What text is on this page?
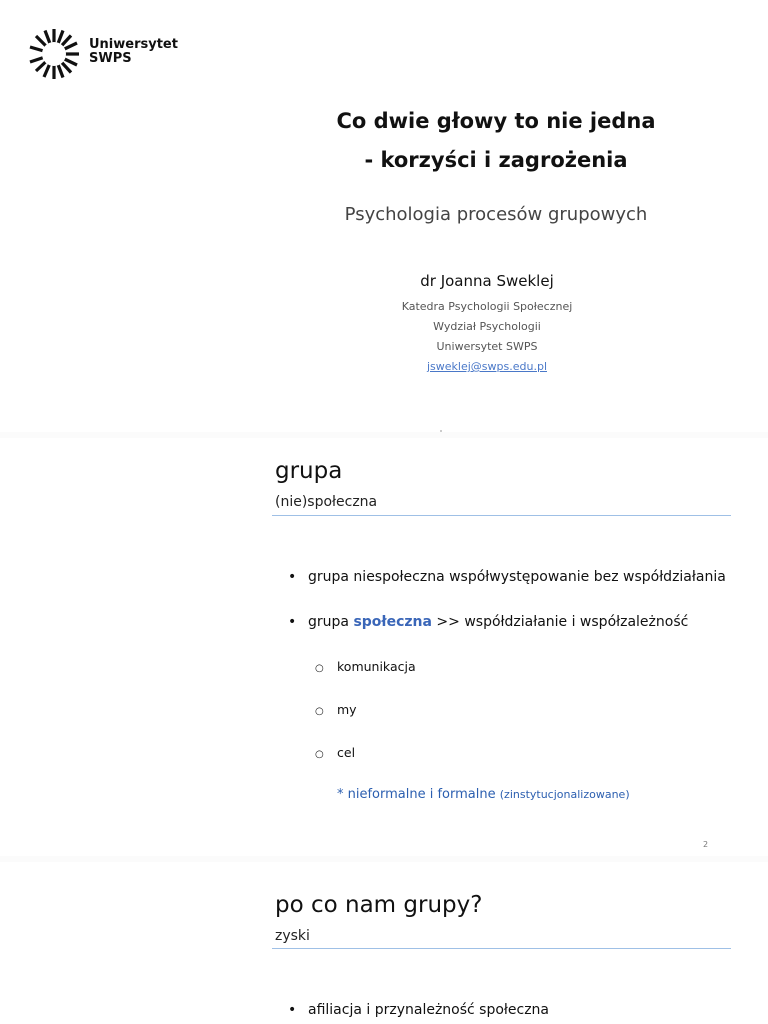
Uniwersytet
SWPS
Co dwie głowy to nie jedna
- korzyści i zagrożenia
Psychologia procesów grupowych
dr Joanna Sweklej
Katedra Psychologii Społecznej
Wydział Psychologii
Uniwersytet SWPS
jsweklej@swps.edu.pl
grupa
(nie)społeczna
• grupa niespołeczna współwystępowanie bez współdziałania
• grupa społeczna >> współdziałanie i współzależność
○ komunikacja
○ my
○ cel
* nieformalne i formalne (zinstytucjonalizowane)
2
po co nam grupy?
zyski
• afiliacja i przynależność społeczna
